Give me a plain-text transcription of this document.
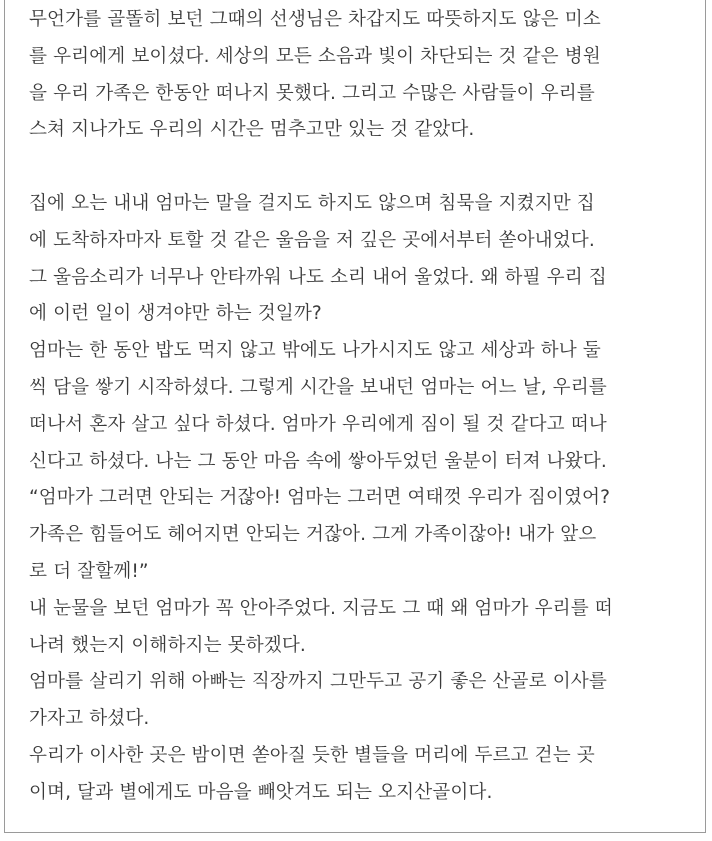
무언가를 골똘히 보던 그때의 선생님은 차갑지도 따뜻하지도 않은 미소
를 우리에게 보이셨다. 세상의 모든 소음과 빛이 차단되는 것 같은 병원
을 우리 가족은 한동안 떠나지 못했다. 그리고 수많은 사람들이 우리를
스쳐 지나가도 우리의 시간은 멈추고만 있는 것 같았다.
집에 오는 내내 엄마는 말을 걸지도 하지도 않으며 침묵을 지켰지만 집
에 도착하자마자 토할 것 같은 울음을 저 깊은 곳에서부터 쏟아내었다.
그 울음소리가 너무나 안타까워 나도 소리 내어 울었다. 왜 하필 우리 집
에 이런 일이 생겨야만 하는 것일까?
엄마는 한 동안 밥도 먹지 않고 밖에도 나가시지도 않고 세상과 하나 둘
씩 담을 쌓기 시작하셨다. 그렇게 시간을 보내던 엄마는 어느 날, 우리를
떠나서 혼자 살고 싶다 하셨다. 엄마가 우리에게 짐이 될 것 같다고 떠나
신다고 하셨다. 나는 그 동안 마음 속에 쌓아두었던 울분이 터져 나왔다.
“엄마가 그러면 안되는 거잖아! 엄마는 그러면 여태껏 우리가 짐이였어?
가족은 힘들어도 헤어지면 안되는 거잖아. 그게 가족이잖아! 내가 앞으
로 더 잘할께!”
내 눈물을 보던 엄마가 꼭 안아주었다. 지금도 그 때 왜 엄마가 우리를 떠
나려 했는지 이해하지는 못하겠다.
엄마를 살리기 위해 아빠는 직장까지 그만두고 공기 좋은 산골로 이사를
가자고 하셨다.
우리가 이사한 곳은 밤이면 쏟아질 듯한 별들을 머리에 두르고 걷는 곳
이며, 달과 별에게도 마음을 빼앗겨도 되는 오지산골이다.
